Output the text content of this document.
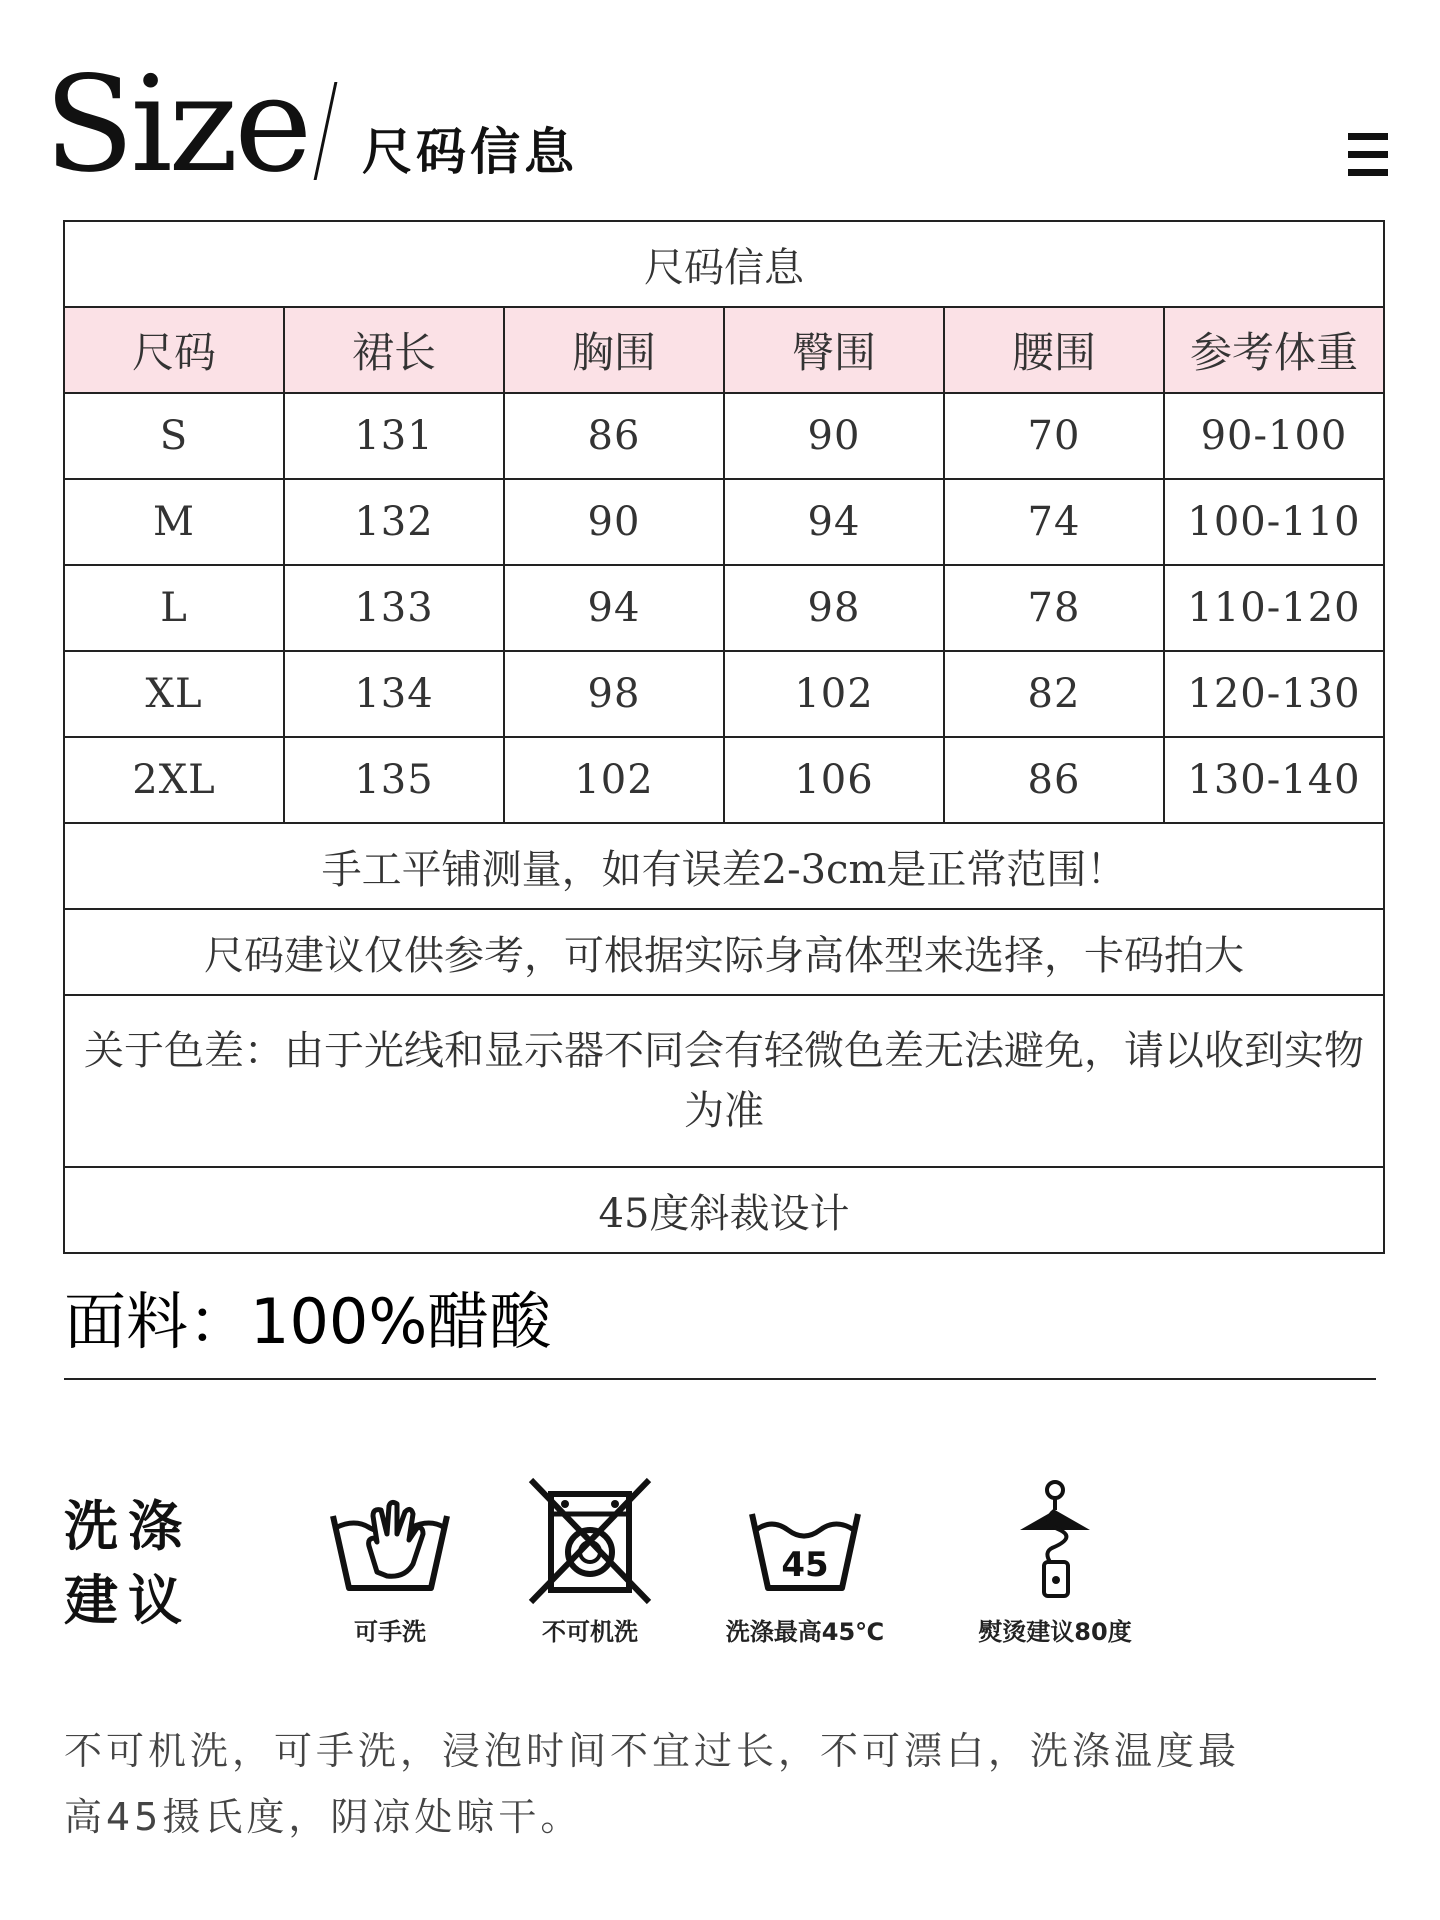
Size 尺码信息
尺码信息					
尺码	裙长	胸围	臀围	腰围	参考体重
S	131	86	90	70	90-100
M	132	90	94	74	100-110
L	133	94	98	78	110-120
XL	134	98	102	82	120-130
2XL	135	102	106	86	130-140
手工平铺测量，如有误差2-3cm是正常范围！					
尺码建议仅供参考，可根据实际身高体型来选择，卡码拍大					
关于色差：由于光线和显示器不同会有轻微色差无法避免，请以收到实物为准					
45度斜裁设计					
面料：100%醋酸
洗涤
建议	可手洗	不可机洗
45
洗涤最高45℃	熨烫建议80度
不可机洗，可手洗，浸泡时间不宜过长，不可漂白，洗涤温度最高45摄氏度，阴凉处晾干。
